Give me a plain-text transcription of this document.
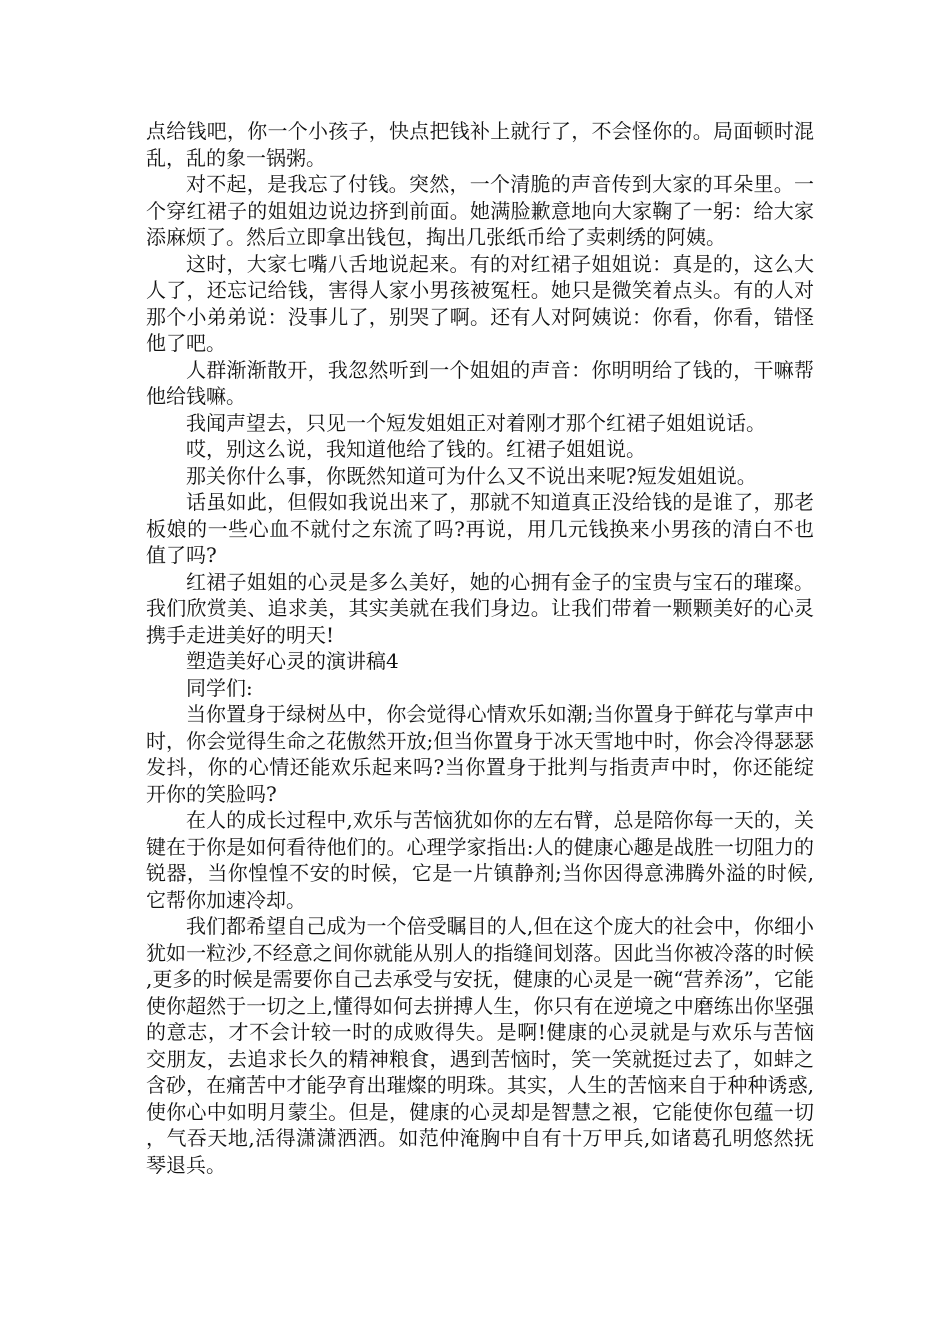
点给钱吧，你一个小孩子，快点把钱补上就行了，不会怪你的。局面顿时混乱，乱的象一锅粥。

对不起，是我忘了付钱。突然，一个清脆的声音传到大家的耳朵里。一个穿红裙子的姐姐边说边挤到前面。她满脸歉意地向大家鞠了一躬：给大家添麻烦了。然后立即拿出钱包，掏出几张纸币给了卖刺绣的阿姨。

这时，大家七嘴八舌地说起来。有的对红裙子姐姐说：真是的，这么大人了，还忘记给钱，害得人家小男孩被冤枉。她只是微笑着点头。有的人对那个小弟弟说：没事儿了，别哭了啊。还有人对阿姨说：你看，你看，错怪他了吧。

人群渐渐散开，我忽然听到一个姐姐的声音：你明明给了钱的，干嘛帮他给钱嘛。

我闻声望去，只见一个短发姐姐正对着刚才那个红裙子姐姐说话。

哎，别这么说，我知道他给了钱的。红裙子姐姐说。

那关你什么事，你既然知道可为什么又不说出来呢?短发姐姐说。

话虽如此，但假如我说出来了，那就不知道真正没给钱的是谁了，那老板娘的一些心血不就付之东流了吗?再说，用几元钱换来小男孩的清白不也值了吗?

红裙子姐姐的心灵是多么美好，她的心拥有金子的宝贵与宝石的璀璨。我们欣赏美、追求美，其实美就在我们身边。让我们带着一颗颗美好的心灵携手走进美好的明天!

塑造美好心灵的演讲稿4

同学们:

当你置身于绿树丛中，你会觉得心情欢乐如潮;当你置身于鲜花与掌声中时，你会觉得生命之花傲然开放;但当你置身于冰天雪地中时，你会冷得瑟瑟发抖，你的心情还能欢乐起来吗?当你置身于批判与指责声中时，你还能绽开你的笑脸吗?

在人的成长过程中,欢乐与苦恼犹如你的左右臂，总是陪你每一天的，关键在于你是如何看待他们的。心理学家指出:人的健康心趣是战胜一切阻力的锐器，当你惶惶不安的时候，它是一片镇静剂;当你因得意沸腾外溢的时候,它帮你加速冷却。

我们都希望自己成为一个倍受瞩目的人,但在这个庞大的社会中，你细小犹如一粒沙,不经意之间你就能从别人的指缝间划落。因此当你被冷落的时候,更多的时候是需要你自己去承受与安抚，健康的心灵是一碗“营养汤”，它能使你超然于一切之上,懂得如何去拼搏人生，你只有在逆境之中磨练出你坚强的意志，才不会计较一时的成败得失。是啊!健康的心灵就是与欢乐与苦恼交朋友，去追求长久的精神粮食，遇到苦恼时，笑一笑就挺过去了，如蚌之含砂，在痛苦中才能孕育出璀燦的明珠。其实，人生的苦恼来自于种种诱惑,使你心中如明月蒙尘。但是，健康的心灵却是智慧之裉，它能使你包蕴一切，气吞天地,活得潇潇洒洒。如范仲淹胸中自有十万甲兵,如诸葛孔明悠然抚琴退兵。
